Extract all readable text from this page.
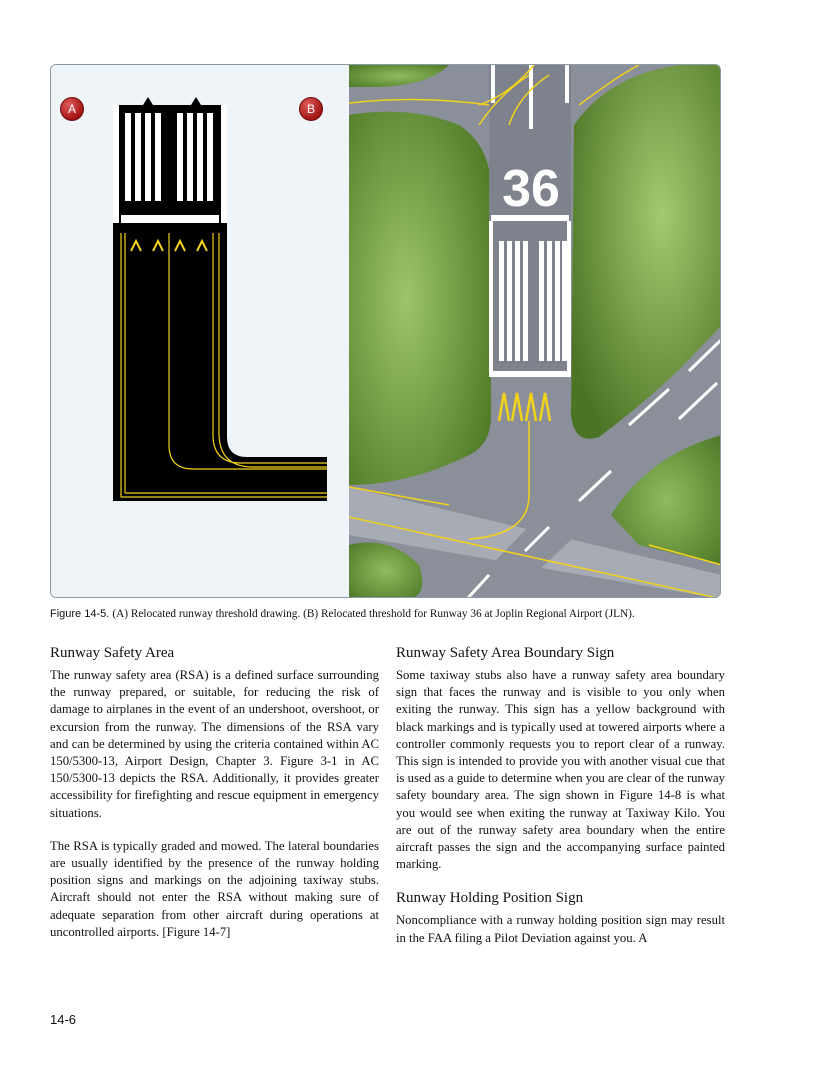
A	B
36
Figure 14-5. (A) Relocated runway threshold drawing. (B) Relocated threshold for Runway 36 at Joplin Regional Airport (JLN).
Runway Safety Area

The runway safety area (RSA) is a defined surface surrounding the runway prepared, or suitable, for reducing the risk of damage to airplanes in the event of an undershoot, overshoot, or excursion from the runway. The dimensions of the RSA vary and can be determined by using the criteria contained within AC 150/5300-13, Airport Design, Chapter 3. Figure 3-1 in AC 150/5300-13 depicts the RSA. Additionally, it provides greater accessibility for firefighting and rescue equipment in emergency situations.

The RSA is typically graded and mowed. The lateral boundaries are usually identified by the presence of the runway holding position signs and markings on the adjoining taxiway stubs. Aircraft should not enter the RSA without making sure of adequate separation from other aircraft during operations at uncontrolled airports. [Figure 14-7]

Runway Safety Area Boundary Sign

Some taxiway stubs also have a runway safety area boundary sign that faces the runway and is visible to you only when exiting the runway. This sign has a yellow background with black markings and is typically used at towered airports where a controller commonly requests you to report clear of a runway. This sign is intended to provide you with another visual cue that is used as a guide to determine when you are clear of the runway safety boundary area. The sign shown in Figure 14-8 is what you would see when exiting the runway at Taxiway Kilo. You are out of the runway safety area boundary when the entire aircraft passes the sign and the accompanying surface painted marking.

Runway Holding Position Sign

Noncompliance with a runway holding position sign may result in the FAA filing a Pilot Deviation against you. A

14-6
